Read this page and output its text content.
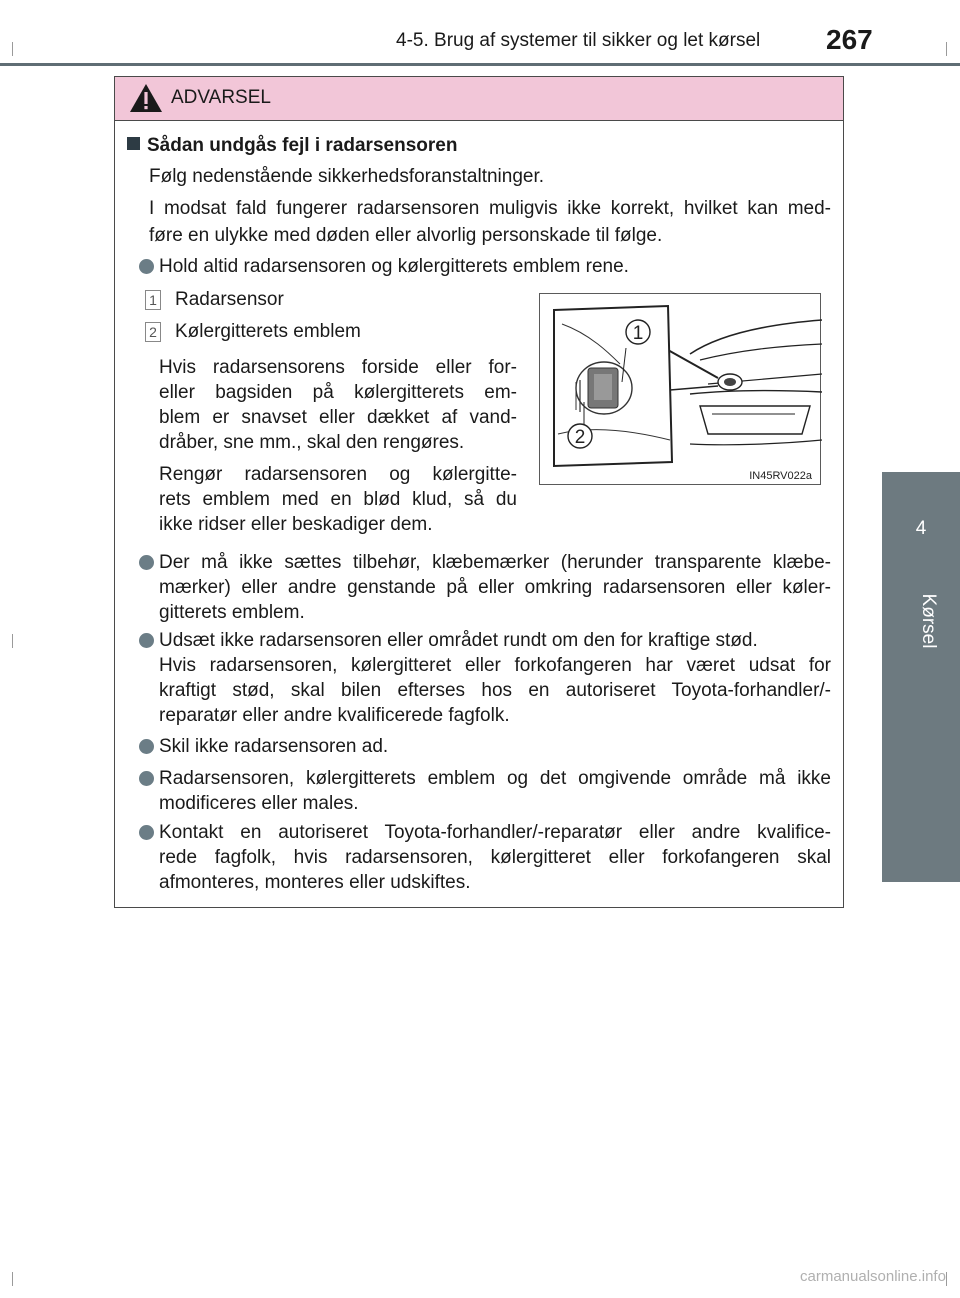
4-5. Brug af systemer til sikker og let kørsel 267
4
Kørsel
ADVARSEL
Sådan undgås fejl i radarsensoren
Følg nedenstående sikkerhedsforanstaltninger.
I modsat fald fungerer radarsensoren muligvis ikke korrekt, hvilket kan med-
føre en ulykke med døden eller alvorlig personskade til følge.
Hold altid radarsensoren og kølergitterets emblem rene.
1 Radarsensor
2 Kølergitterets emblem
Hvis radarsensorens forside eller for-
eller bagsiden på kølergitterets em-
blem er snavset eller dækket af vand-
dråber, sne mm., skal den rengøres.
Rengør radarsensoren og kølergitte-
rets emblem med en blød klud, så du
ikke ridser eller beskadiger dem.
1
2
IN45RV022a
Der må ikke sættes tilbehør, klæbemærker (herunder transparente klæbe-
mærker) eller andre genstande på eller omkring radarsensoren eller køler-
gitterets emblem.
Udsæt ikke radarsensoren eller området rundt om den for kraftige stød.
Hvis radarsensoren, kølergitteret eller forkofangeren har været udsat for
kraftigt stød, skal bilen efterses hos en autoriseret Toyota-forhandler/-
reparatør eller andre kvalificerede fagfolk.
Skil ikke radarsensoren ad.
Radarsensoren, kølergitterets emblem og det omgivende område må ikke
modificeres eller males.
Kontakt en autoriseret Toyota-forhandler/-reparatør eller andre kvalifice-
rede fagfolk, hvis radarsensoren, kølergitteret eller forkofangeren skal
afmonteres, monteres eller udskiftes.
carmanualsonline.info
